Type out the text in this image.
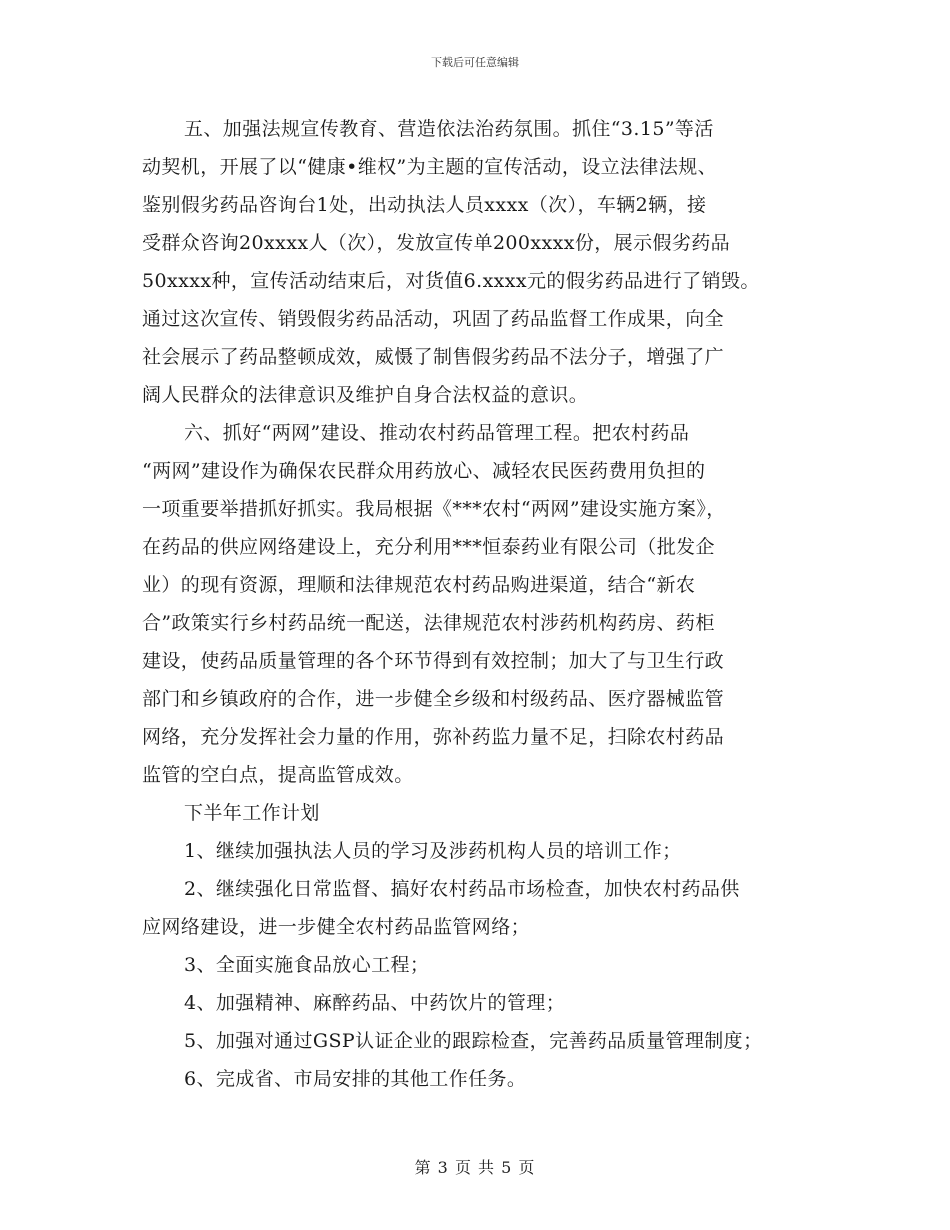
下载后可任意编辑
五、加强法规宣传教育、营造依法治药氛围。抓住“3.15”等活
动契机，开展了以“健康•维权”为主题的宣传活动，设立法律法规、
鉴别假劣药品咨询台1处，出动执法人员xxxx（次），车辆2辆，接
受群众咨询20xxxx人（次），发放宣传单200xxxx份，展示假劣药品
50xxxx种，宣传活动结束后，对货值6.xxxx元的假劣药品进行了销毁。
通过这次宣传、销毁假劣药品活动，巩固了药品监督工作成果，向全
社会展示了药品整顿成效，威慑了制售假劣药品不法分子，增强了广
阔人民群众的法律意识及维护自身合法权益的意识。
六、抓好“两网”建设、推动农村药品管理工程。把农村药品
“两网”建设作为确保农民群众用药放心、减轻农民医药费用负担的
一项重要举措抓好抓实。我局根据《***农村“两网”建设实施方案》，
在药品的供应网络建设上，充分利用***恒泰药业有限公司（批发企
业）的现有资源，理顺和法律规范农村药品购进渠道，结合“新农
合”政策实行乡村药品统一配送，法律规范农村涉药机构药房、药柜
建设，使药品质量管理的各个环节得到有效控制；加大了与卫生行政
部门和乡镇政府的合作，进一步健全乡级和村级药品、医疗器械监管
网络，充分发挥社会力量的作用，弥补药监力量不足，扫除农村药品
监管的空白点，提高监管成效。
下半年工作计划
1、继续加强执法人员的学习及涉药机构人员的培训工作；
2、继续强化日常监督、搞好农村药品市场检查，加快农村药品供
应网络建设，进一步健全农村药品监管网络；
3、全面实施食品放心工程；
4、加强精神、麻醉药品、中药饮片的管理；
5、加强对通过GSP认证企业的跟踪检查，完善药品质量管理制度；
6、完成省、市局安排的其他工作任务。
第 3 页 共 5 页
